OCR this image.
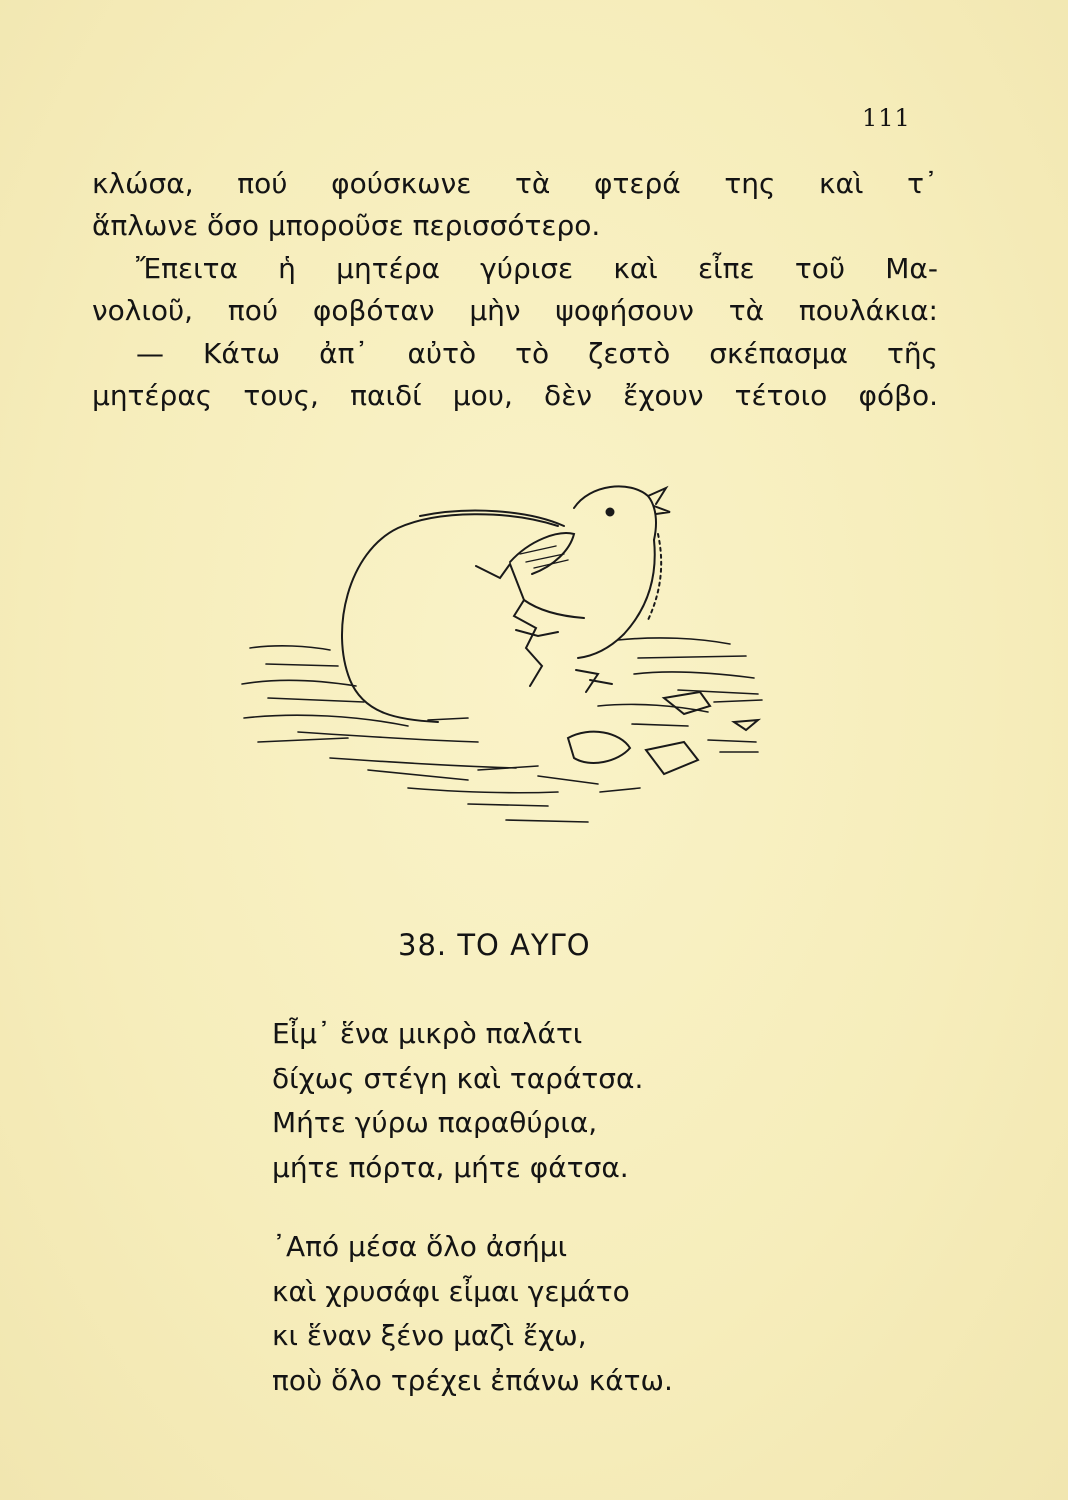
111
κλώσα, πού φούσκωνε τὰ φτερά της καὶ τ᾽
ἅπλωνε ὅσο μποροῦσε περισσότερο.
Ἔπειτα ἡ μητέρα γύρισε καὶ εἶπε τοῦ Μα-
νολιοῦ, πού φοβόταν μὴν ψοφήσουν τὰ πουλάκια:
— Κάτω ἀπ᾽ αὐτὸ τὸ ζεστὸ σκέπασμα τῆς
μητέρας τους, παιδί μου, δὲν ἔχουν τέτοιο φόβο.
38. ΤΟ ΑΥΓΟ
Εἶμ᾽ ἕνα μικρὸ παλάτι
δίχως στέγη καὶ ταράτσα.
Μήτε γύρω παραθύρια,
μήτε πόρτα, μήτε φάτσα.
᾽Από μέσα ὅλο ἀσήμι
καὶ χρυσάφι εἶμαι γεμάτο
κι ἕναν ξένο μαζὶ ἔχω,
ποὺ ὅλο τρέχει ἐπάνω κάτω.
